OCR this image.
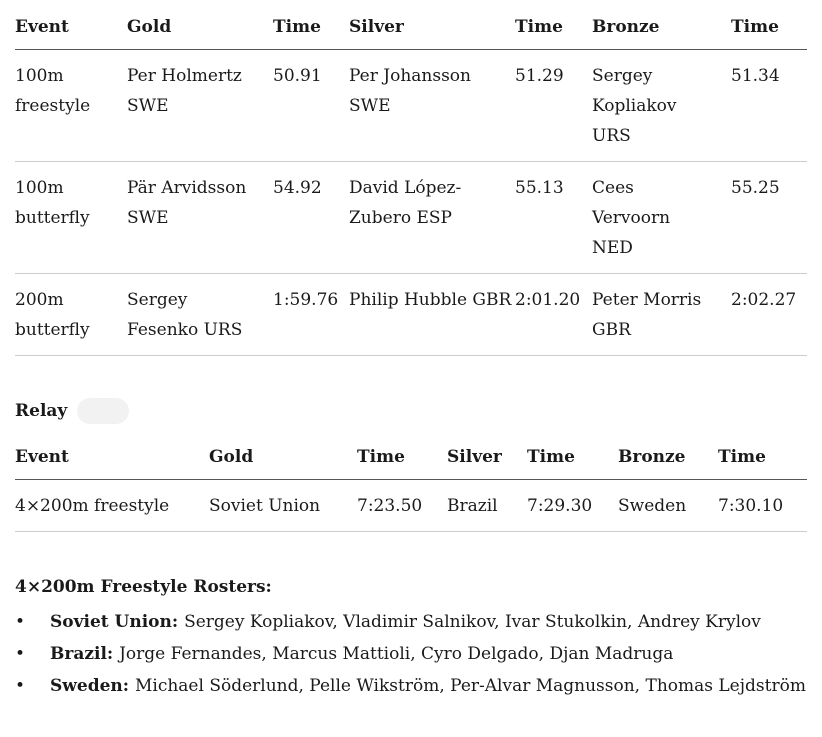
Event	Gold	Time	Silver	Time	Bronze	Time
100m freestyle	Per Holmertz SWE	50.91	Per Johansson SWE	51.29	Sergey Kopliakov URS	51.34
100m butterfly	Pär Arvidsson SWE	54.92	David López-Zubero ESP	55.13	Cees Vervoorn NED	55.25
200m butterfly	Sergey Fesenko URS	1:59.76	Philip Hubble GBR	2:01.20	Peter Morris GBR	2:02.27
Relay
Event	Gold	Time	Silver	Time	Bronze	Time
4×200m freestyle	Soviet Union	7:23.50	Brazil	7:29.30	Sweden	7:30.10
4×200m Freestyle Rosters:
• Soviet Union: Sergey Kopliakov, Vladimir Salnikov, Ivar Stukolkin, Andrey Krylov
• Brazil: Jorge Fernandes, Marcus Mattioli, Cyro Delgado, Djan Madruga
• Sweden: Michael Söderlund, Pelle Wikström, Per-Alvar Magnusson, Thomas Lejdström
